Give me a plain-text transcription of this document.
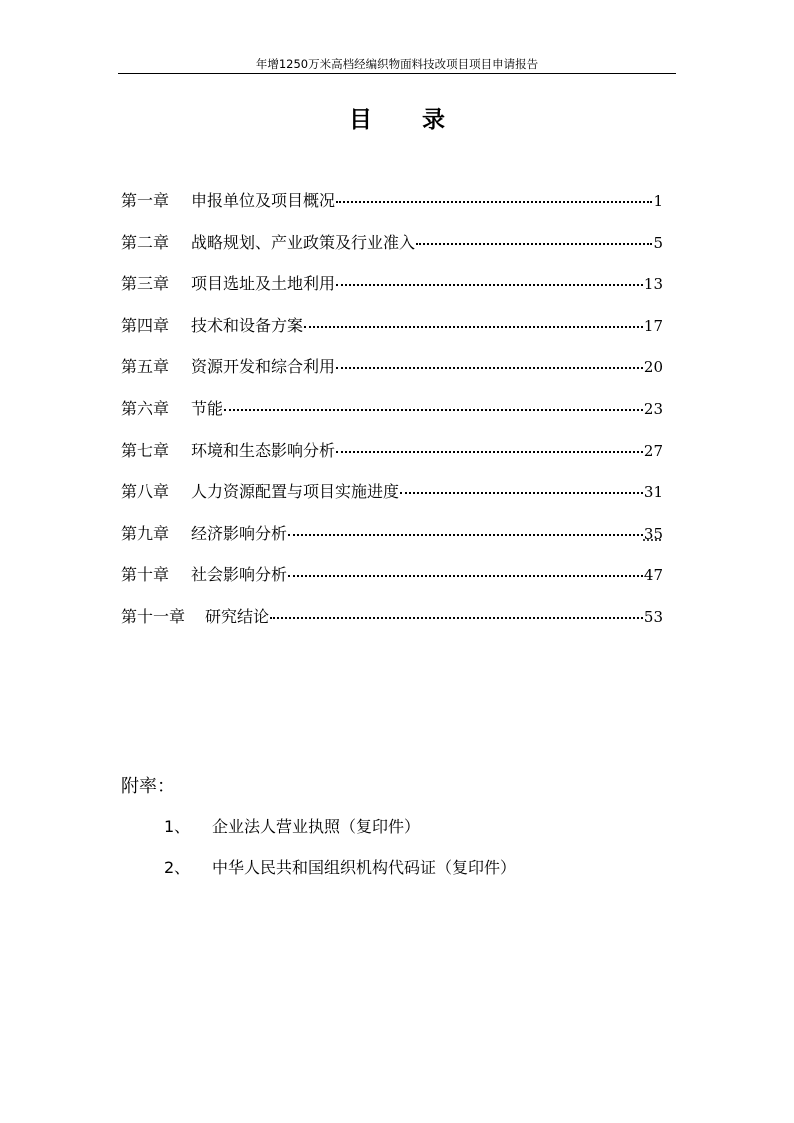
年增1250万米高档经编织物面料技改项目项目申请报告
目录
第一章 申报单位及项目概况	1
第二章 战略规划、产业政策及行业准入	5
第三章 项目选址及土地利用	13
第四章 技术和设备方案	17
第五章 资源开发和综合利用	20
第六章 节能	23
第七章 环境和生态影响分析	27
第八章 人力资源配置与项目实施进度	31
第九章 经济影响分析	35
第十章 社会影响分析	47
第十一章 研究结论	53
附率：
1、	企业法人营业执照（复印件）
2、	中华人民共和国组织机构代码证（复印件）
